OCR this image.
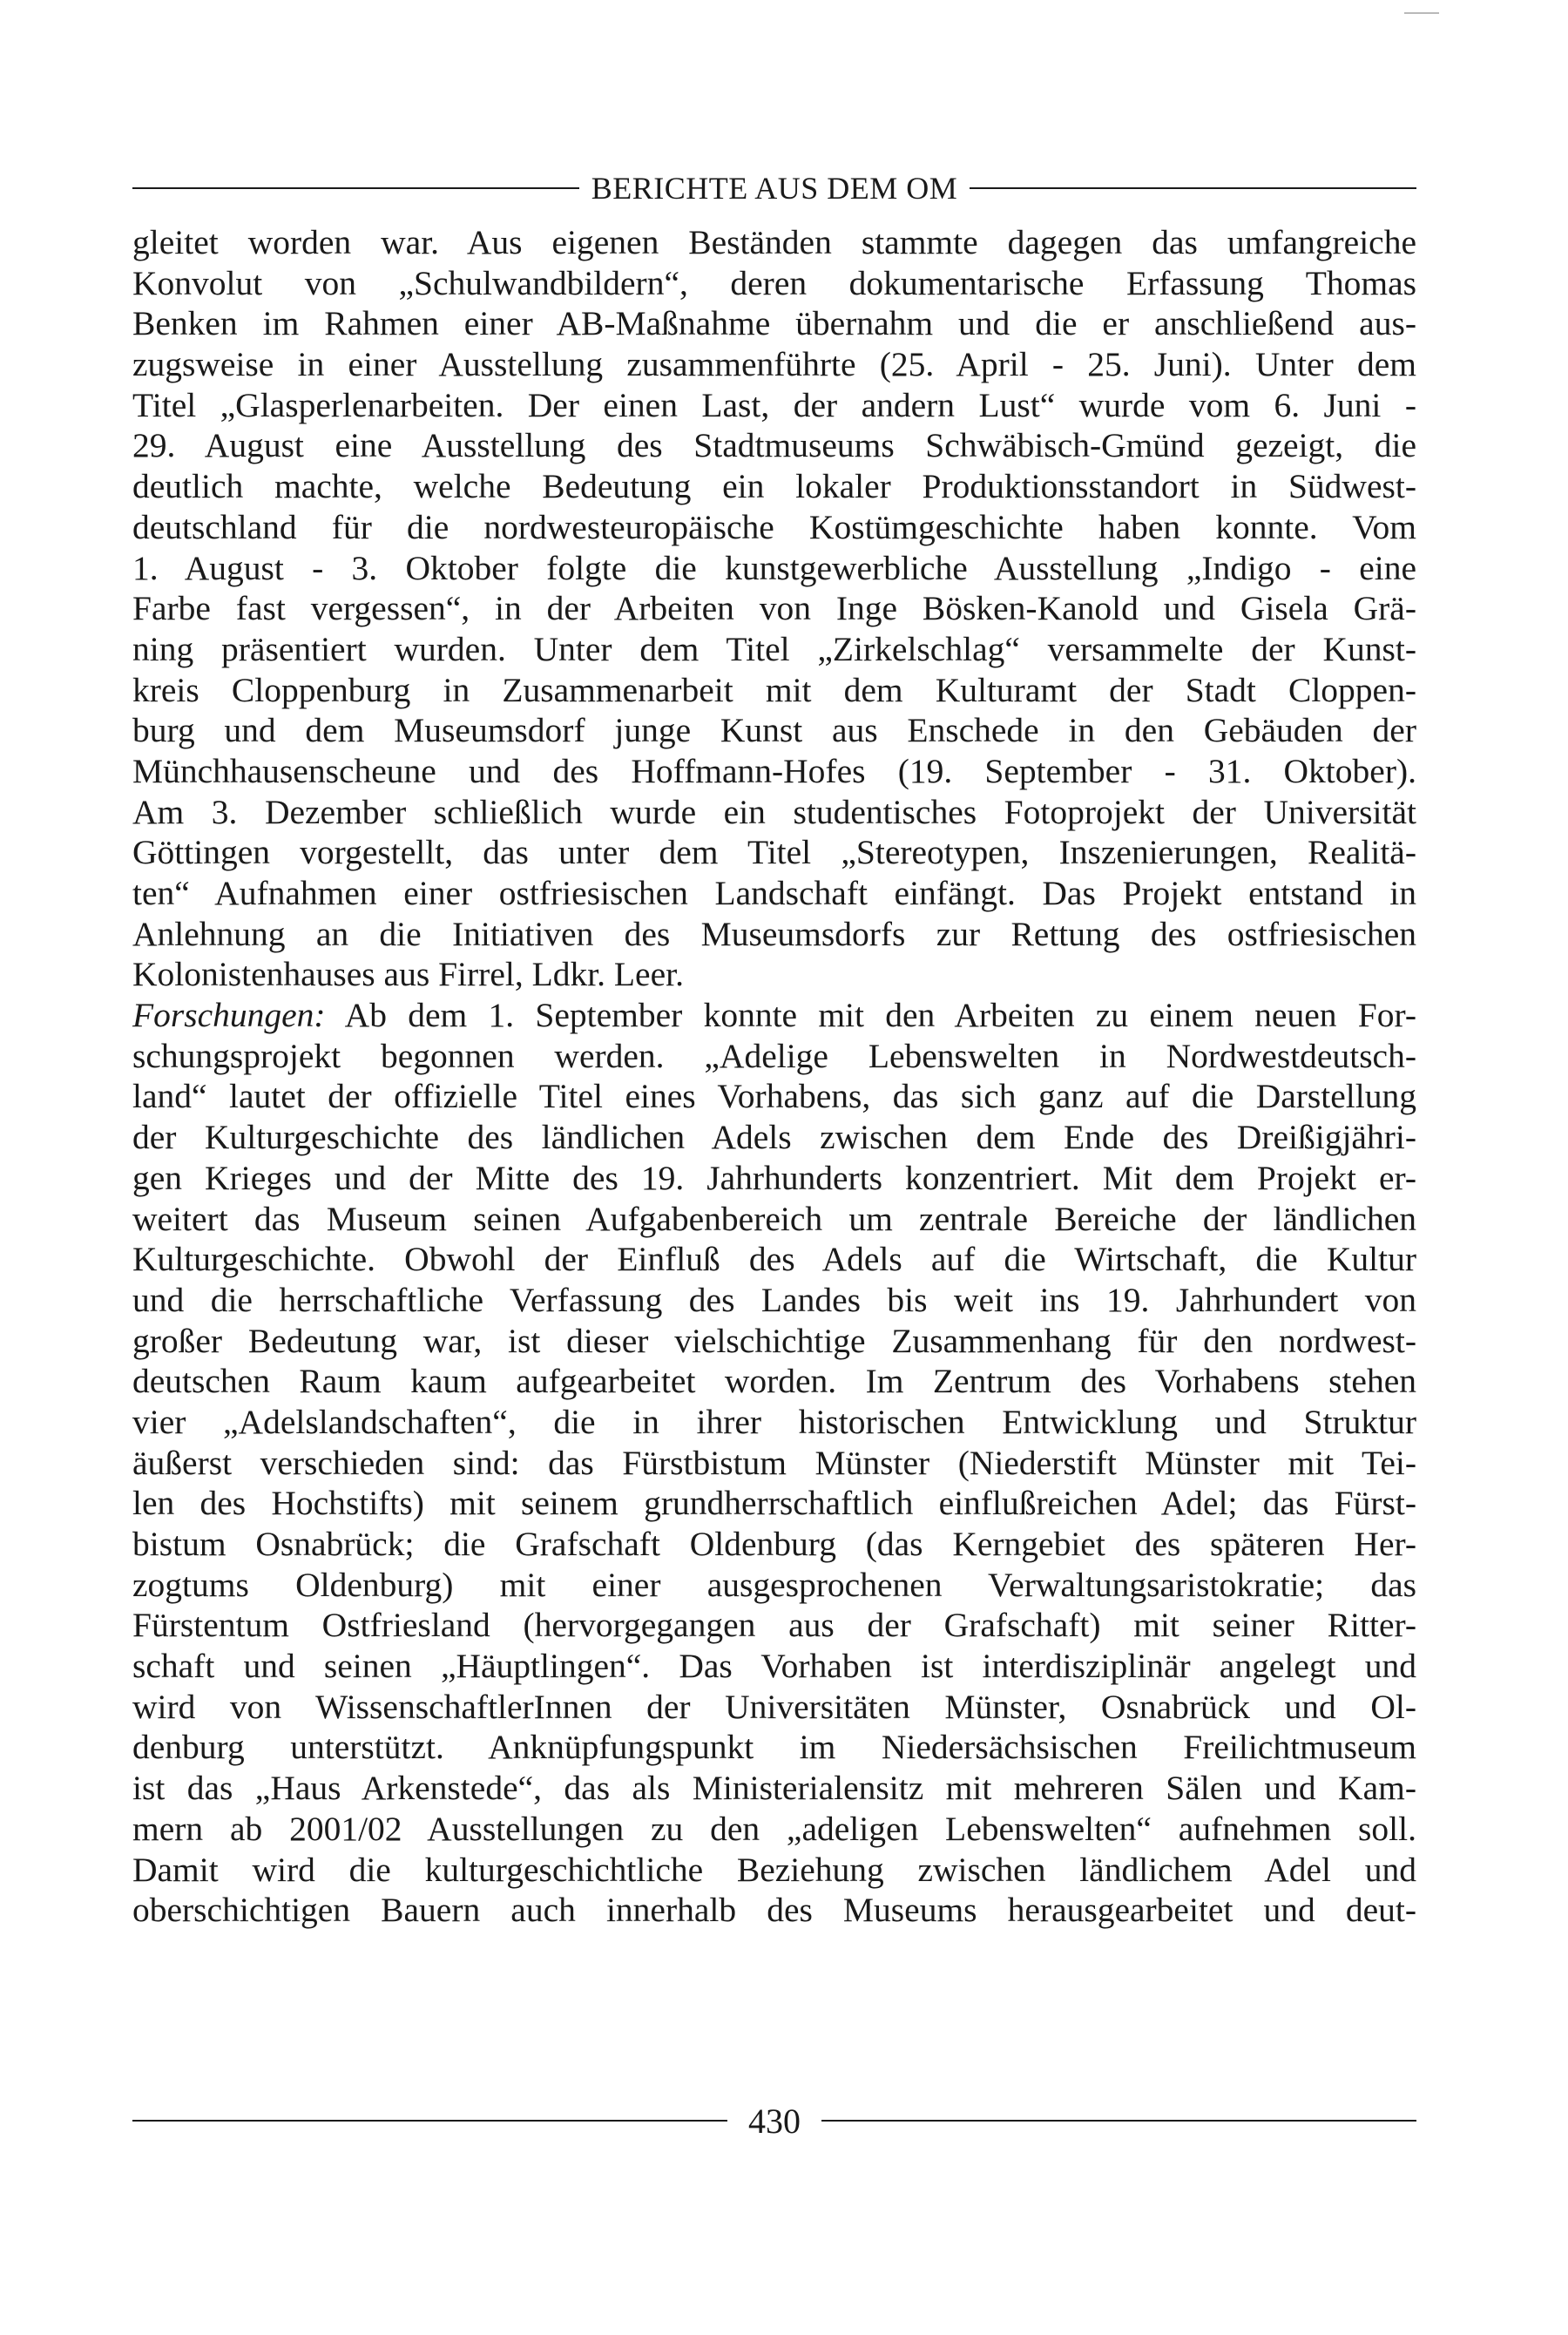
BERICHTE AUS DEM OM
gleitet worden war. Aus eigenen Beständen stammte dagegen das umfangreiche
Konvolut von „Schulwandbildern“, deren dokumentarische Erfassung Thomas
Benken im Rahmen einer AB-Maßnahme übernahm und die er anschließend aus-
zugsweise in einer Ausstellung zusammenführte (25. April - 25. Juni). Unter dem
Titel „Glasperlenarbeiten. Der einen Last, der andern Lust“ wurde vom 6. Juni -
29. August eine Ausstellung des Stadtmuseums Schwäbisch-Gmünd gezeigt, die
deutlich machte, welche Bedeutung ein lokaler Produktionsstandort in Südwest-
deutschland für die nordwesteuropäische Kostümgeschichte haben konnte. Vom
1. August - 3. Oktober folgte die kunstgewerbliche Ausstellung „Indigo - eine
Farbe fast vergessen“, in der Arbeiten von Inge Bösken-Kanold und Gisela Grä-
ning präsentiert wurden. Unter dem Titel „Zirkelschlag“ versammelte der Kunst-
kreis Cloppenburg in Zusammenarbeit mit dem Kulturamt der Stadt Cloppen-
burg und dem Museumsdorf junge Kunst aus Enschede in den Gebäuden der
Münchhausenscheune und des Hoffmann-Hofes (19. September - 31. Oktober).
Am 3. Dezember schließlich wurde ein studentisches Fotoprojekt der Universität
Göttingen vorgestellt, das unter dem Titel „Stereotypen, Inszenierungen, Realitä-
ten“ Aufnahmen einer ostfriesischen Landschaft einfängt. Das Projekt entstand in
Anlehnung an die Initiativen des Museumsdorfs zur Rettung des ostfriesischen
Kolonistenhauses aus Firrel, Ldkr. Leer.
Forschungen: Ab dem 1. September konnte mit den Arbeiten zu einem neuen For-
schungsprojekt begonnen werden. „Adelige Lebenswelten in Nordwestdeutsch-
land“ lautet der offizielle Titel eines Vorhabens, das sich ganz auf die Darstellung
der Kulturgeschichte des ländlichen Adels zwischen dem Ende des Dreißigjähri-
gen Krieges und der Mitte des 19. Jahrhunderts konzentriert. Mit dem Projekt er-
weitert das Museum seinen Aufgabenbereich um zentrale Bereiche der ländlichen
Kulturgeschichte. Obwohl der Einfluß des Adels auf die Wirtschaft, die Kultur
und die herrschaftliche Verfassung des Landes bis weit ins 19. Jahrhundert von
großer Bedeutung war, ist dieser vielschichtige Zusammenhang für den nordwest-
deutschen Raum kaum aufgearbeitet worden. Im Zentrum des Vorhabens stehen
vier „Adelslandschaften“, die in ihrer historischen Entwicklung und Struktur
äußerst verschieden sind: das Fürstbistum Münster (Niederstift Münster mit Tei-
len des Hochstifts) mit seinem grundherrschaftlich einflußreichen Adel; das Fürst-
bistum Osnabrück; die Grafschaft Oldenburg (das Kerngebiet des späteren Her-
zogtums Oldenburg) mit einer ausgesprochenen Verwaltungsaristokratie; das
Fürstentum Ostfriesland (hervorgegangen aus der Grafschaft) mit seiner Ritter-
schaft und seinen „Häuptlingen“. Das Vorhaben ist interdisziplinär angelegt und
wird von WissenschaftlerInnen der Universitäten Münster, Osnabrück und Ol-
denburg unterstützt. Anknüpfungspunkt im Niedersächsischen Freilichtmuseum
ist das „Haus Arkenstede“, das als Ministerialensitz mit mehreren Sälen und Kam-
mern ab 2001/02 Ausstellungen zu den „adeligen Lebenswelten“ aufnehmen soll.
Damit wird die kulturgeschichtliche Beziehung zwischen ländlichem Adel und
oberschichtigen Bauern auch innerhalb des Museums herausgearbeitet und deut-
430
